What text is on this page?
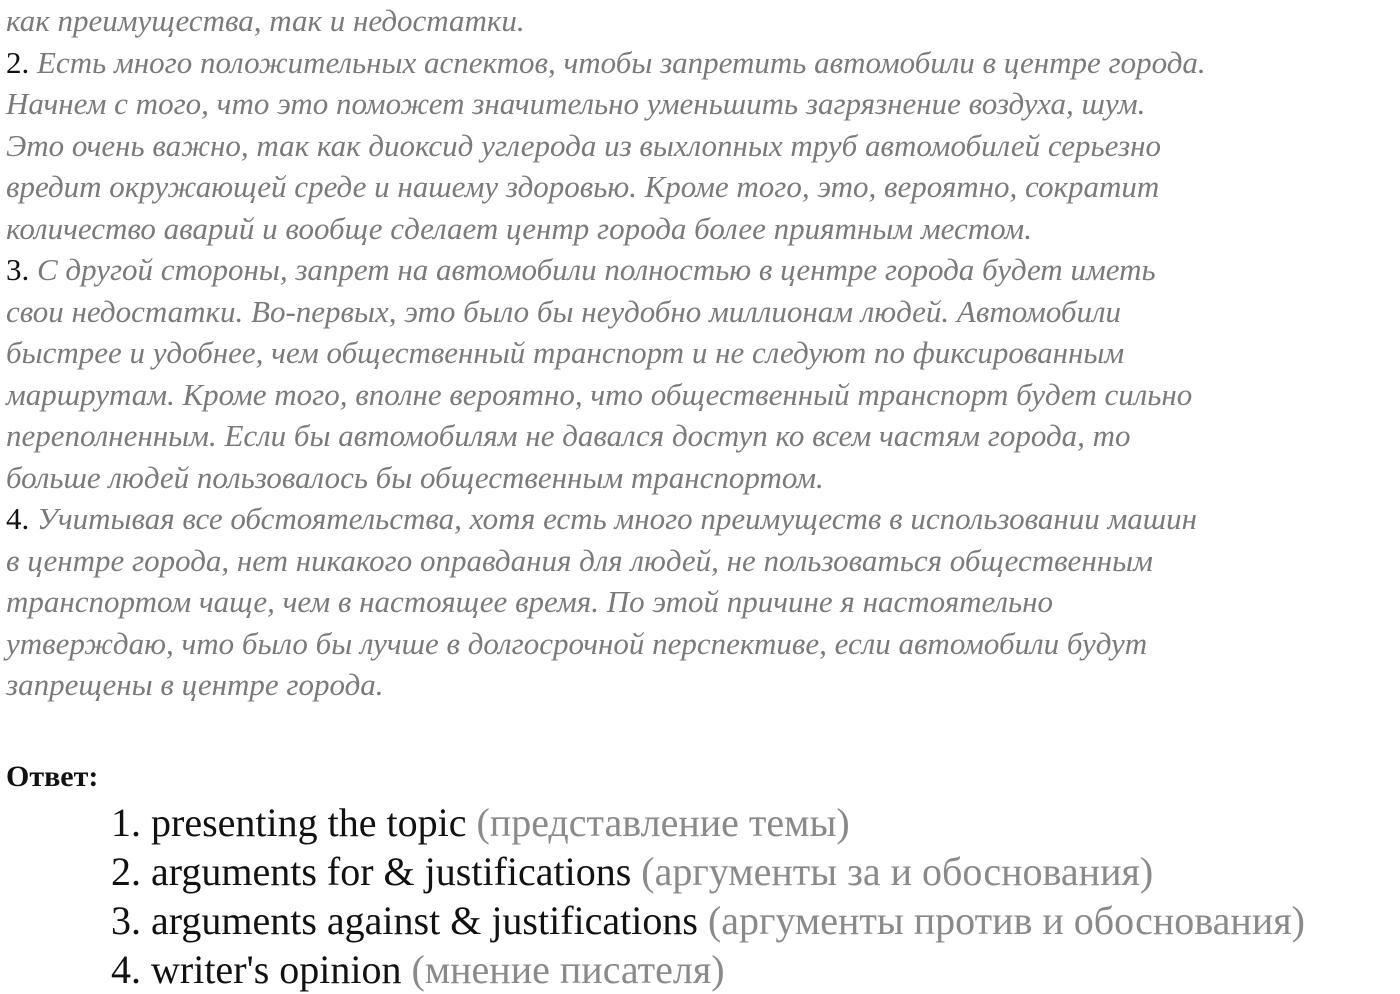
как преимущества, так и недостатки.

2. Есть много положительных аспектов, чтобы запретить автомобили в центре города.

Начнем с того, что это поможет значительно уменьшить загрязнение воздуха, шум.

Это очень важно, так как диоксид углерода из выхлопных труб автомобилей серьезно

вредит окружающей среде и нашему здоровью. Кроме того, это, вероятно, сократит

количество аварий и вообще сделает центр города более приятным местом.

3. С другой стороны, запрет на автомобили полностью в центре города будет иметь

свои недостатки. Во-первых, это было бы неудобно миллионам людей. Автомобили

быстрее и удобнее, чем общественный транспорт и не следуют по фиксированным

маршрутам. Кроме того, вполне вероятно, что общественный транспорт будет сильно

переполненным. Если бы автомобилям не давался доступ ко всем частям города, то

больше людей пользовалось бы общественным транспортом.

4. Учитывая все обстоятельства, хотя есть много преимуществ в использовании машин

в центре города, нет никакого оправдания для людей, не пользоваться общественным

транспортом чаще, чем в настоящее время. По этой причине я настоятельно

утверждаю, что было бы лучше в долгосрочной перспективе, если автомобили будут

запрещены в центре города.

Ответ:
1. presenting the topic (представление темы)
2. arguments for & justifications (аргументы за и обоснования)
3. arguments against & justifications (аргументы против и обоснования)
4. writer's opinion (мнение писателя)
